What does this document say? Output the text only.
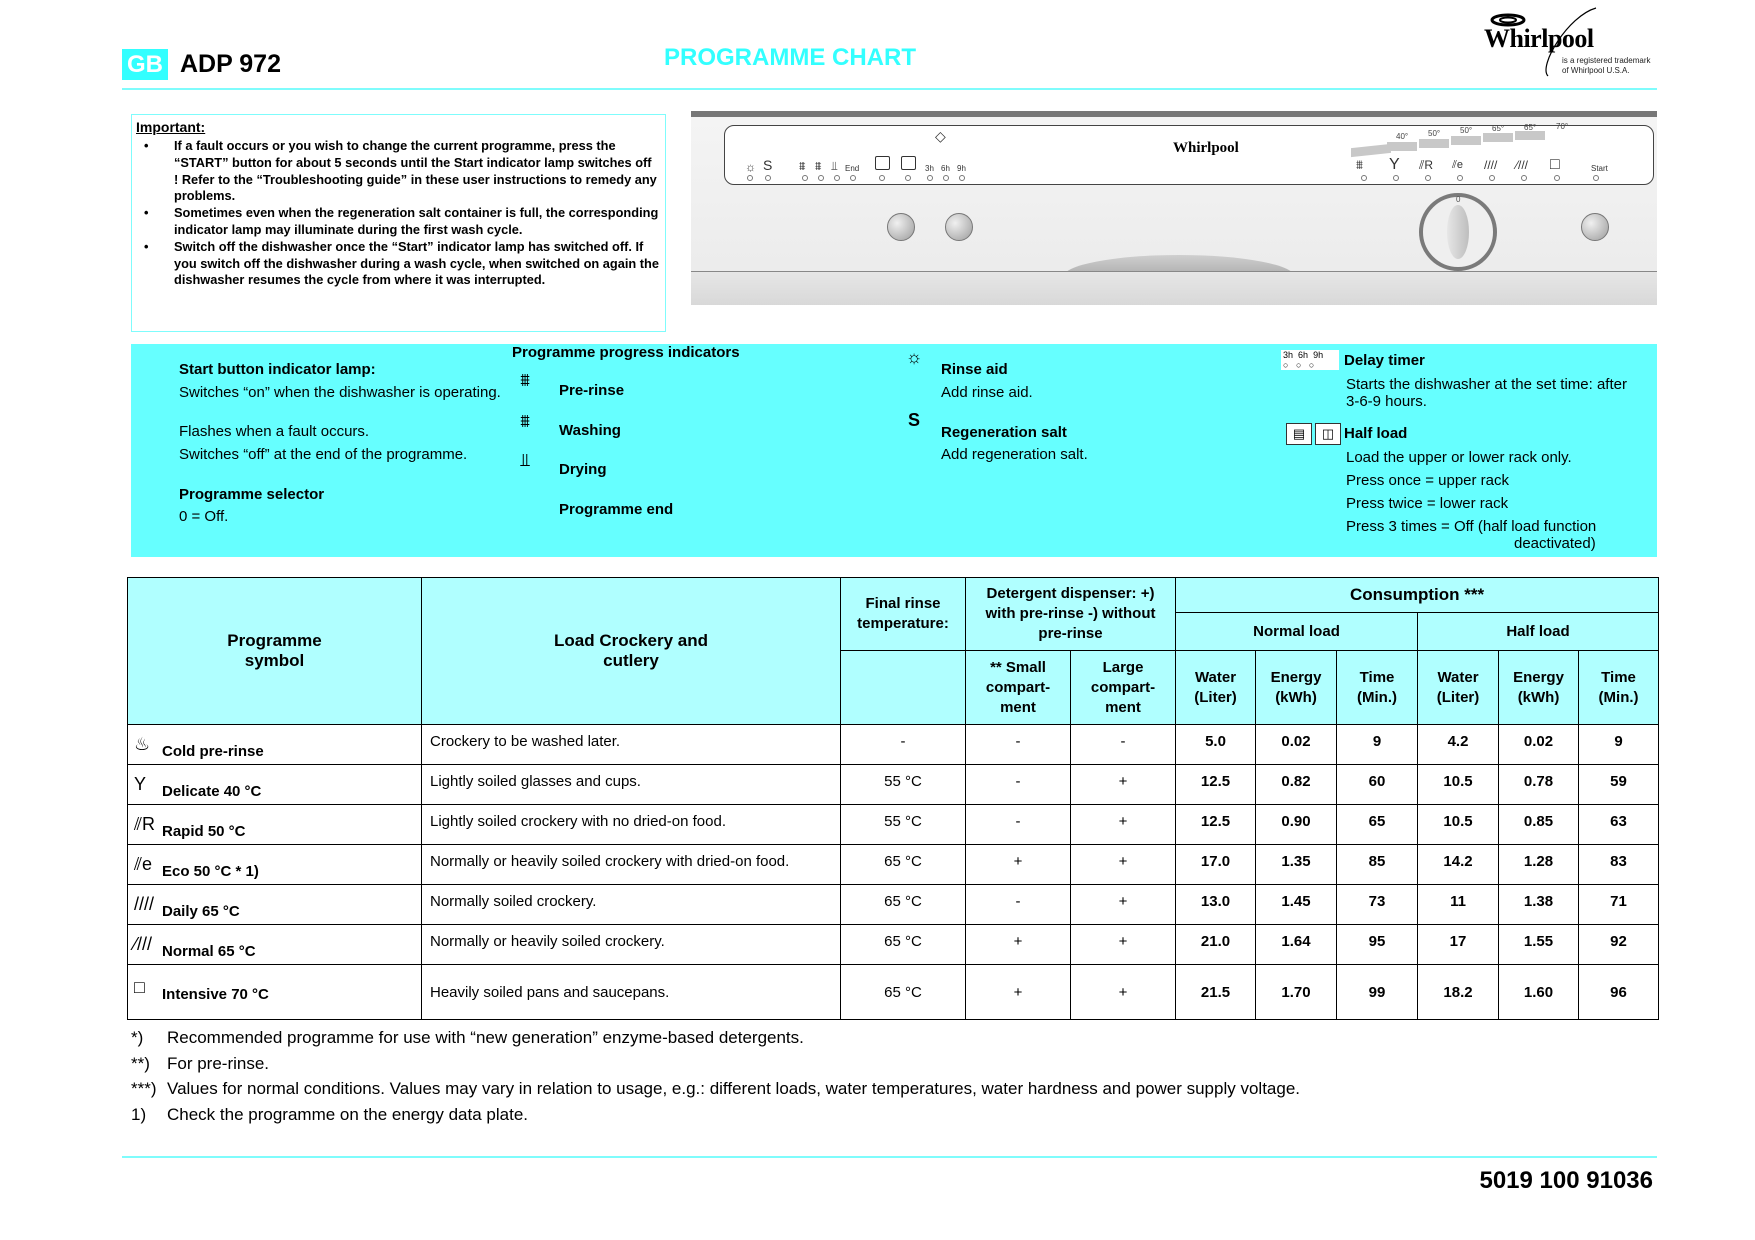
GB ADP 972	PROGRAMME CHART
Whirlpool
is a registered trademark
of Whirlpool U.S.A.
Important:
• If a fault occurs or you wish to change the current programme, press the “START” button for about 5 seconds until the Start indicator lamp switches off ! Refer to the “Troubleshooting guide” in these user instructions to remedy any problems.
• Sometimes even when the regeneration salt container is full, the corresponding indicator lamp may illuminate during the first wash cycle.
• Switch off the dishwasher once the “Start” indicator lamp has switched off. If you switch off the dishwasher during a wash cycle, when switched on again the dishwasher resumes the cycle from where it was interrupted.
☼ S ⩩ ⩩ ⫫ End
◇
3h 6h 9h
Whirlpool
40° 50° 50° 65° 65° 70°
⩩ Y ⫽R ⫽e //// ⁄/// □	Start
0
Start button indicator lamp:
Switches “on” when the dishwasher is operating.
Flashes when a fault occurs.
Switches “off” at the end of the programme.
Programme selector
0 = Off.
Programme progress indicators
⩩
Pre-rinse
⩩	Washing
⫫	Drying
Programme end
☼
Rinse aid
Add rinse aid.
S
Regeneration salt
Add regeneration salt.
3h 6h 9h
○   ○   ○	Delay timer
Starts the dishwasher at the set time: after 3-6-9 hours.
▤	◫ Half load
Load the upper or lower rack only.
Press once = upper rack
Press twice = lower rack
Press 3 times = Off (half load function
deactivated)
Programme symbol	Load Crockery and cutlery	Final rinse temperature:	Detergent dispenser: +) with pre-rinse -) without pre-rinse		Consumption ***					
					Normal load			Half load		
			** Small compart-ment	Large compart-ment	Water (Liter)	Energy (kWh)	Time (Min.)	Water (Liter)	Energy (kWh)	Time (Min.)
♨ Cold pre-rinse	Crockery to be washed later.	-	-	-	5.0	0.02	9	4.2	0.02	9
Y Delicate 40 °C	Lightly soiled glasses and cups.	55 °C	-	+	12.5	0.82	60	10.5	0.78	59
⫽R Rapid 50 °C	Lightly soiled crockery with no dried-on food.	55 °C	-	+	12.5	0.90	65	10.5	0.85	63
⫽e Eco 50 °C * 1)	Normally or heavily soiled crockery with dried-on food.	65 °C	+	+	17.0	1.35	85	14.2	1.28	83
//// Daily 65 °C	Normally soiled crockery.	65 °C	-	+	13.0	1.45	73	11	1.38	71
⁄/// Normal 65 °C	Normally or heavily soiled crockery.	65 °C	+	+	21.0	1.64	95	17	1.55	92
□ Intensive 70 °C	Heavily soiled pans and saucepans.	65 °C	+	+	21.5	1.70	99	18.2	1.60	96
*) Recommended programme for use with “new generation” enzyme-based detergents.
**) For pre-rinse.
***) Values for normal conditions. Values may vary in relation to usage, e.g.: different loads, water temperatures, water hardness and power supply voltage.
1) Check the programme on the energy data plate.
5019 100 91036
